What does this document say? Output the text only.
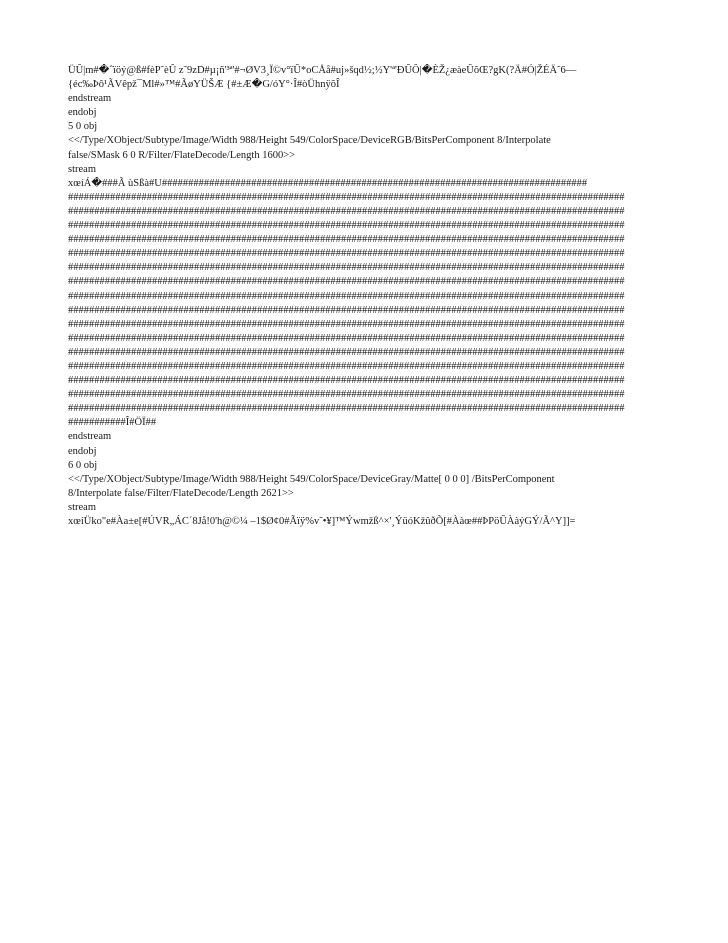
ÜÛ|m#�ˆïöý@ß#fèP˜èÛ z˜9zD#µ¡ñ'³ª'#¬ØV3¸Ï©v°ïÛ*oCÅå#uj»šqd½;½Y'ª'ÐÛÔ|�ÈŽ¿æàeÛõŒ?gK(?Ä#Ó|ŽÉÄ˜6—
{éc‰Þô¹ÃVêpž¯Ml#»™#ÃøYÜŠÆ {#±Æ�G/óY°·Î#òÜhnÿõÎ
endstream
endobj
5 0 obj
<</Type/XObject/Subtype/Image/Width 988/Height 549/ColorSpace/DeviceRGB/BitsPerComponent 8/Interpolate
false/SMask 6 0 R/Filter/FlateDecode/Length 1600>>
stream
xœíÁ�###Ã ùSßà#U#################################################################################
##########################################################################################################
##########################################################################################################
##########################################################################################################
##########################################################################################################
##########################################################################################################
##########################################################################################################
##########################################################################################################
##########################################################################################################
##########################################################################################################
##########################################################################################################
##########################################################################################################
##########################################################################################################
##########################################################################################################
##########################################################################################################
##########################################################################################################
##########################################################################################################
###########Î#ÖÏ##
endstream
endobj
6 0 obj
<</Type/XObject/Subtype/Image/Width 988/Height 549/ColorSpace/DeviceGray/Matte[ 0 0 0] /BitsPerComponent
8/Interpolate false/Filter/FlateDecode/Length 2621>>
stream
xœíÜko"e#Àa±e[#ÚVR„ÁC´8Jå!0'h@©¼ –1$Ø¢0#Ãïÿ%v˜•¥]™Ýwmžß^×'¸ÝüóKžûðÕ[#Ààœ##ÞPöÛÀàýGÝ/Ã^Y]]=
